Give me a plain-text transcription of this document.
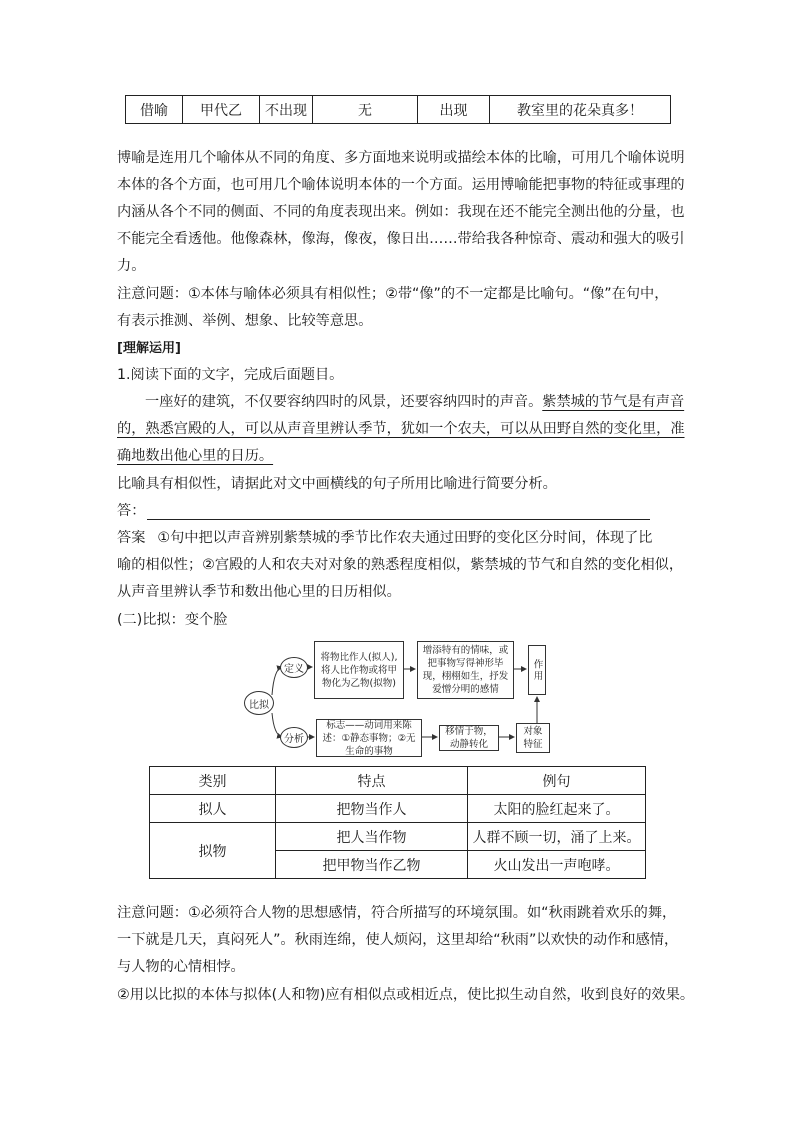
借喻	甲代乙	不出现	无	出现	教室里的花朵真多！
博喻是连用几个喻体从不同的角度、多方面地来说明或描绘本体的比喻，可用几个喻体说明
本体的各个方面，也可用几个喻体说明本体的一个方面。运用博喻能把事物的特征或事理的
内涵从各个不同的侧面、不同的角度表现出来。例如：我现在还不能完全测出他的分量，也
不能完全看透他。他像森林，像海，像夜，像日出……带给我各种惊奇、震动和强大的吸引
力。
注意问题：①本体与喻体必须具有相似性；②带“像”的不一定都是比喻句。“像”在句中，
有表示推测、举例、想象、比较等意思。
[理解运用]
1.阅读下面的文字，完成后面题目。
一座好的建筑，不仅要容纳四时的风景，还要容纳四时的声音。紫禁城的节气是有声音
的，熟悉宫殿的人，可以从声音里辨认季节，犹如一个农夫，可以从田野自然的变化里，准
确地数出他心里的日历。
比喻具有相似性，请据此对文中画横线的句子所用比喻进行简要分析。
答：
答案 ①句中把以声音辨别紫禁城的季节比作农夫通过田野的变化区分时间，体现了比
喻的相似性；②宫殿的人和农夫对对象的熟悉程度相似，紫禁城的节气和自然的变化相似，
从声音里辨认季节和数出他心里的日历相似。
(二)比拟：变个脸
比拟
定义
分析
将物比作人(拟人),将人比作物或将甲物化为乙物(拟物)
增添特有的情味，或把事物写得神形毕现，栩栩如生，抒发爱憎分明的感情
作用
标志——动词用来陈述：①静态事物；②无生命的事物
移情于物，动静转化
对象特征
类别	特点	例句
拟人	把物当作人	太阳的脸红起来了。
拟物	把人当作物	人群不顾一切，涌了上来。
	把甲物当作乙物	火山发出一声咆哮。
注意问题：①必须符合人物的思想感情，符合所描写的环境氛围。如“秋雨跳着欢乐的舞，
一下就是几天，真闷死人”。秋雨连绵，使人烦闷，这里却给“秋雨”以欢快的动作和感情，
与人物的心情相悖。
②用以比拟的本体与拟体(人和物)应有相似点或相近点，使比拟生动自然，收到良好的效果。
